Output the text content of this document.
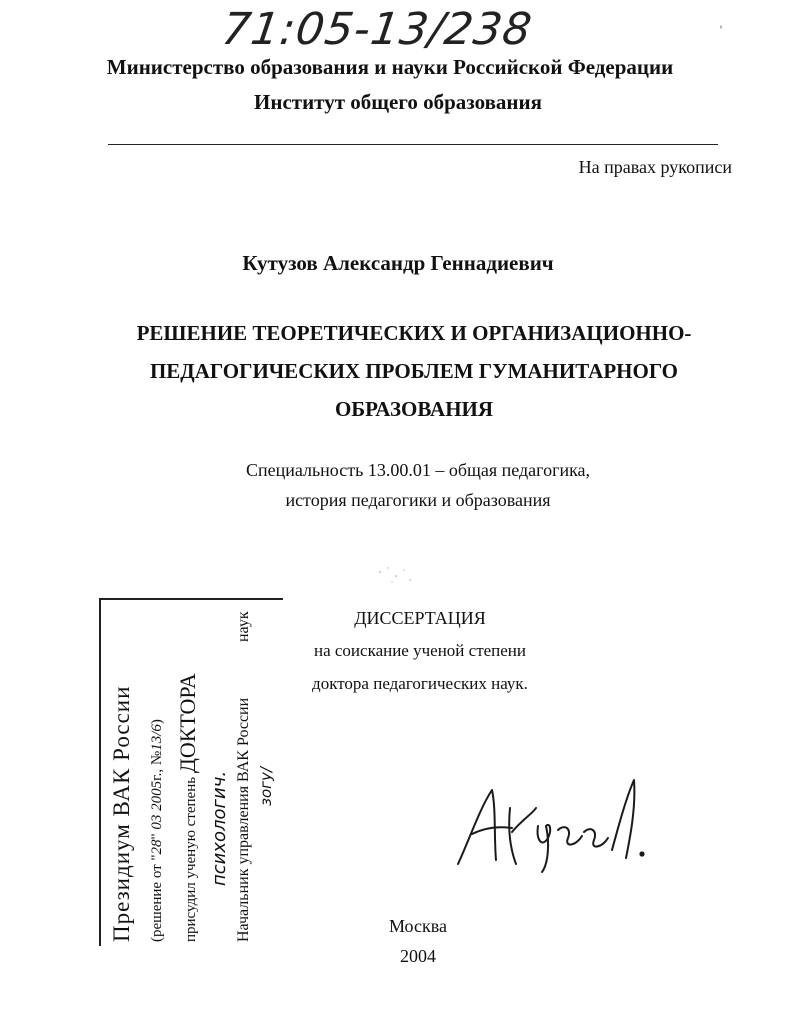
71:05-13/238	ˈ
Министерство образования и науки Российской Федерации
Институт общего образования
На правах рукописи
Кутузов Александр Геннадиевич
РЕШЕНИЕ ТЕОРЕТИЧЕСКИХ И ОРГАНИЗАЦИОННО-
ПЕДАГОГИЧЕСКИХ ПРОБЛЕМ ГУМАНИТАРНОГО
ОБРАЗОВАНИЯ
Специальность 13.00.01 – общая педагогика,
история педагогики и образования
ДИССЕРТАЦИЯ
на соискание ученой степени
доктора педагогических наук.
Президиум ВАК России (решение от "28" 03 2005г., №13/6)
присудил ученую степень ДОКТОРА
психологич. Начальник управления ВАК России
наук
зогу/
Москва
2004
